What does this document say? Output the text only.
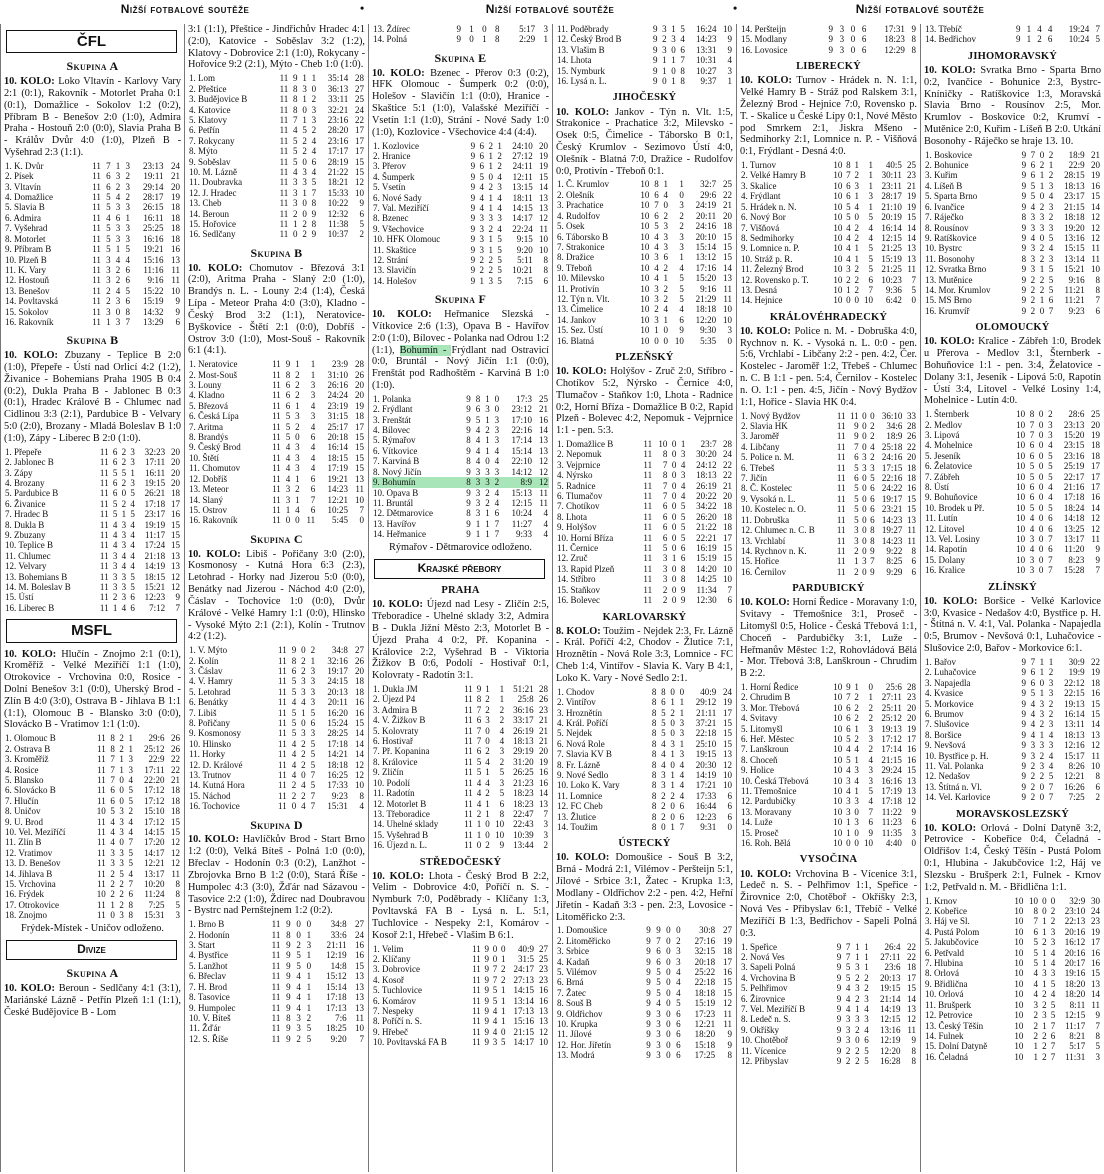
Nižší fotbalové soutěže	•	Nižší fotbalové soutěže	•	Nižší fotbalové soutěže
ČFL
Skupina A
10. KOLO: Loko Vltavín - Karlovy Vary 2:1 (0:1), Rakovník - Motorlet Praha 0:1 (0:1), Domažlice - Sokolov 1:2 (0:2), Příbram B - Benešov 2:0 (1:0), Admira Praha - Hostouň 2:0 (0:0), Slavia Praha B - Králův Dvůr 4:0 (1:0), Plzeň B - Vyšehrad 2:3 (1:1).
1. K. Dvůr	11	7	1	3	23:13	24
2. Písek	11	6	3	2	19:11	21
3. Vltavín	11	6	2	3	29:14	20
4. Domažlice	11	5	4	2	28:17	19
5. Slavia B	11	5	3	3	26:15	18
6. Admira	11	4	6	1	16:11	18
7. Vyšehrad	11	5	3	3	25:25	18
8. Motorlet	11	5	3	3	16:16	18
9. Příbram B	11	5	1	5	19:21	16
10. Plzeň B	11	3	4	4	15:16	13
11. K. Vary	11	3	2	6	11:16	11
12. Hostouň	11	3	2	6	9:16	11
13. Benešov	11	2	4	5	15:22	10
14. Povltavská	11	2	3	6	15:19	9
15. Sokolov	11	3	0	8	14:32	9
16. Rakovník	11	1	3	7	13:29	6
Skupina B
10. KOLO: Zbuzany - Teplice B 2:0 (1:0), Přepeře - Ústí nad Orlicí 4:2 (1:2), Živanice - Bohemians Praha 1905 B 0:4 (0:2), Dukla Praha B - Jablonec B 0:3 (0:1), Hradec Králové B - Chlumec nad Cidlinou 3:3 (2:1), Pardubice B - Velvary 5:0 (2:0), Brozany - Mladá Boleslav B 1:0 (1:0), Zápy - Liberec B 2:0 (1:0).
1. Přepeře	11	6	2	3	32:23	20
2. Jablonec B	11	6	2	3	17:11	20
3. Zápy	11	5	5	1	16:11	20
4. Brozany	11	6	2	3	19:15	20
5. Pardubice B	11	6	0	5	26:21	18
6. Živanice	11	5	2	4	17:18	17
7. Hradec B	11	5	1	5	23:17	16
8. Dukla B	11	4	3	4	19:19	15
9. Zbuzany	11	4	3	4	11:17	15
10. Teplice B	11	4	3	4	17:24	15
11. Chlumec	11	3	4	4	21:18	13
12. Velvary	11	3	4	4	14:19	13
13. Bohemians B	11	3	3	5	18:15	12
14. M. Boleslav B	11	3	3	5	15:21	12
15. Ústí	11	2	3	6	12:23	9
16. Liberec B	11	1	4	6	7:12	7
MSFL
10. KOLO: Hlučín - Znojmo 2:1 (0:1), Kroměříž - Velké Meziříčí 1:1 (1:0), Otrokovice - Vrchovina 0:0, Rosice - Dolní Benešov 3:1 (0:0), Uherský Brod - Zlín B 4:0 (3:0), Ostrava B - Jihlava B 1:1 (1:1), Olomouc B - Blansko 3:0 (0:0), Slovácko B - Vratimov 1:1 (1:0).
1. Olomouc B	11	8	2	1	29:6	26
2. Ostrava B	11	8	2	1	25:12	26
3. Kroměříž	11	7	1	3	22:9	22
4. Rosice	11	7	1	3	17:11	22
5. Blansko	11	7	0	4	22:20	21
6. Slovácko B	11	6	0	5	17:12	18
7. Hlučín	11	6	0	5	17:12	18
8. Uničov	10	5	3	2	15:10	18
9. U. Brod	11	4	3	4	17:12	15
10. Vel. Meziříčí	11	4	3	4	14:15	15
11. Zlín B	11	4	0	7	17:20	12
12. Vratimov	11	3	3	5	14:17	12
13. D. Benešov	11	3	3	5	12:21	12
14. Jihlava B	11	2	5	4	13:17	11
15. Vrchovina	11	2	2	7	10:20	8
16. Frýdek	10	2	2	6	11:24	8
17. Otrokovice	11	1	2	8	7:25	5
18. Znojmo	11	0	3	8	15:31	3
Frýdek-Místek - Uničov odloženo.
Divize
Skupina A
10. KOLO: Beroun - Sedlčany 4:1 (3:1), Mariánské Lázně - Petřín Plzeň 1:1 (1:1), České Budějovice B - Lom
3:1 (1:1), Přeštice - Jindřichův Hradec 4:1 (2:0), Katovice - Soběslav 3:2 (1:2), Klatovy - Dobrovice 2:1 (1:0), Rokycany - Hořovice 9:2 (2:1), Mýto - Cheb 1:0 (1:0).
1. Lom	11	9	1	1	35:14	28
2. Přeštice	11	8	3	0	36:13	27
3. Budějovice B	11	8	1	2	33:11	25
4. Katovice	11	8	0	3	32:21	24
5. Klatovy	11	7	1	3	23:16	22
6. Petřín	11	4	5	2	28:20	17
7. Rokycany	11	5	2	4	23:16	17
8. Mýto	11	5	2	4	17:17	17
9. Soběslav	11	5	0	6	28:19	15
10. M. Lázně	11	4	3	4	21:22	15
11. Doubravka	11	3	3	5	18:21	12
12. J. Hradec	11	3	1	7	15:33	10
13. Cheb	11	3	0	8	10:22	9
14. Beroun	11	2	0	9	12:32	6
15. Hořovice	11	1	2	8	11:38	5
16. Sedlčany	11	0	2	9	10:37	2
Skupina B
10. KOLO: Chomutov - Březová 3:1 (2:0), Aritma Praha - Slaný 2:0 (1:0), Brandýs n. L. - Louny 2:4 (1:4), Česká Lípa - Meteor Praha 4:0 (3:0), Kladno - Český Brod 3:2 (1:1), Neratovice-Byškovice - Štětí 2:1 (0:0), Dobříš - Ostrov 3:0 (1:0), Most-Souš - Rakovník 6:1 (4:1).
1. Neratovice	11	9	1	1	23:9	28
2. Most-Souš	11	8	2	1	31:10	26
3. Louny	11	6	2	3	26:16	20
4. Kladno	11	6	2	3	24:24	20
5. Březová	11	6	1	4	23:19	19
6. Česká Lípa	11	5	3	3	31:15	18
7. Aritma	11	5	2	4	25:17	17
8. Brandýs	11	5	0	6	20:18	15
9. Český Brod	11	4	3	4	16:14	15
10. Štětí	11	4	3	4	18:15	15
11. Chomutov	11	4	3	4	17:19	15
12. Dobříš	11	4	1	6	19:21	13
13. Meteor	11	3	2	6	14:23	11
14. Slaný	11	3	1	7	12:21	10
15. Ostrov	11	1	4	6	10:25	7
16. Rakovník	11	0	0	11	5:45	0
Skupina C
10. KOLO: Libiš - Pořičany 3:0 (2:0), Kosmonosy - Kutná Hora 6:3 (2:3), Letohrad - Horky nad Jizerou 5:0 (0:0), Benátky nad Jizerou - Náchod 4:0 (2:0), Čáslav - Tochovice 1:0 (0:0), Dvůr Králové - Velké Hamry 1:1 (0:0), Hlinsko - Vysoké Mýto 2:1 (2:1), Kolín - Trutnov 4:2 (1:2).
1. V. Mýto	11	9	0	2	34:8	27
2. Kolín	11	8	2	1	32:16	26
3. Čáslav	11	6	2	3	19:17	20
4. V. Hamry	11	5	3	3	24:15	18
5. Letohrad	11	5	3	3	20:13	18
6. Benátky	11	4	4	3	20:11	16
7. Libiš	11	5	1	5	16:20	16
8. Pořičany	11	5	0	6	15:24	15
9. Kosmonosy	11	5	3	3	28:25	14
10. Hlinsko	11	4	2	5	17:18	14
11. Horky	11	4	2	5	14:21	14
12. D. Králové	11	4	2	5	18:18	12
13. Trutnov	11	4	0	7	16:25	12
14. Kutná Hora	11	2	4	5	17:33	10
15. Náchod	11	2	2	7	9:23	8
16. Tochovice	11	0	4	7	15:31	4
Skupina D
10. KOLO: Havlíčkův Brod - Start Brno 1:2 (0:0), Velká Bíteš - Polná 1:0 (0:0), Břeclav - Hodonín 0:3 (0:2), Lanžhot - Zbrojovka Brno B 1:2 (0:0), Stará Říše - Humpolec 4:3 (3:0), Žďár nad Sázavou - Tasovice 2:2 (1:0), Ždírec nad Doubravou - Bystrc nad Pernštejnem 1:2 (0:2).
1. Brno B	11	9	0	0	34:8	27
2. Hodonín	11	8	0	1	33:6	24
3. Start	11	9	2	3	21:11	16
4. Bystřice	11	9	5	1	12:19	16
5. Lanžhot	11	9	5	0	14:8	15
6. Břeclav	11	9	4	1	15:12	13
7. H. Brod	11	9	4	1	15:14	13
8. Tasovice	11	9	4	1	17:18	13
9. Humpolec	11	9	4	1	17:13	13
10. V. Bíteš	11	8	3	2	7:6	11
11. Žďár	11	9	3	5	18:25	10
12. S. Říše	11	9	2	5	9:20	7
13. Ždírec	9	1	0	8	5:17	3
14. Polná	9	0	1	8	2:29	1
Skupina E
10. KOLO: Bzenec - Přerov 0:3 (0:2), HFK Olomouc - Šumperk 0:2 (0:0), Holešov - Slavičín 1:1 (0:0), Hranice - Skaštice 5:1 (1:0), Valašské Meziříčí - Vsetín 1:1 (1:0), Strání - Nové Sady 1:0 (1:0), Kozlovice - Všechovice 4:4 (4:4).
1. Kozlovice	9	6	2	1	24:10	20
2. Hranice	9	6	1	2	27:12	19
3. Přerov	9	6	1	2	24:11	19
4. Šumperk	9	5	0	4	12:11	15
5. Vsetín	9	4	2	3	13:15	14
6. Nové Sady	9	4	1	4	18:11	13
7. Val. Meziříčí	9	4	1	4	14:15	13
8. Bzenec	9	3	3	3	14:17	12
9. Všechovice	9	3	2	4	22:24	11
10. HFK Olomouc	9	3	1	5	9:15	10
11. Skaštice	9	3	1	5	9:20	10
12. Strání	9	2	2	5	5:11	8
13. Slavičín	9	2	2	5	10:21	8
14. Holešov	9	1	3	5	7:15	6
Skupina F
10. KOLO: Heřmanice Slezská - Vítkovice 2:6 (1:3), Opava B - Havířov 2:0 (1:0), Bílovec - Polanka nad Odrou 1:2 (1:1), Bohumín - Frýdlant nad Ostravicí 0:0, Bruntál - Nový Jičín 1:1 (0:0), Frenštát pod Radhoštěm - Karviná B 1:0 (1:0).
1. Polanka	9	8	1	0	17:3	25
2. Frýdlant	9	6	3	0	23:12	21
3. Frenštát	9	5	1	3	17:10	16
4. Bílovec	9	4	2	3	22:16	14
5. Rýmařov	8	4	1	3	17:14	13
6. Vítkovice	9	4	1	4	15:14	13
7. Karviná B	8	4	0	4	22:10	12
8. Nový Jičín	9	3	3	3	14:12	12
9. Bohumín	8	3	3	2	8:9	12
10. Opava B	9	3	2	4	15:13	11
11. Bruntál	9	3	2	4	12:15	11
12. Dětmarovice	8	3	1	6	10:24	4
13. Havířov	9	1	1	7	11:27	4
14. Heřmanice	9	1	1	7	9:33	4
Rýmařov - Dětmarovice odloženo.
Krajské přebory
PRAHA
10. KOLO: Újezd nad Lesy - Zličín 2:5, Třeboradice - Uhelné sklady 3:2, Admira B - Dukla Jižní Město 2:3, Motorlet B - Újezd Praha 4 0:2, Př. Kopanina - Královice 2:2, Vyšehrad B - Viktoria Žižkov B 0:6, Podolí - Hostivař 0:1, Kolovraty - Radotín 3:1.
1. Dukla JM	11	9	1	1	51:21	28
2. Újezd P4	11	8	2	1	25:8	26
3. Admira B	11	7	2	2	36:16	23
4. V. Žižkov B	11	6	3	2	33:17	21
5. Kolovraty	11	7	0	4	26:19	21
6. Hostivař	11	7	0	4	18:13	21
7. Př. Kopanina	11	6	2	3	29:19	20
8. Královice	11	5	4	2	31:20	19
9. Zličín	11	5	1	5	26:25	16
10. Podolí	11	4	4	3	21:23	16
11. Radotín	11	4	2	5	18:23	14
12. Motorlet B	11	4	1	6	18:23	13
13. Třeboradice	11	2	1	8	22:47	7
14. Uhelné sklady	11	1	0	10	22:43	3
15. Vyšehrad B	11	1	0	10	10:39	3
16. Újezd n. L.	11	0	2	9	13:44	2
STŘEDOČESKÝ
10. KOLO: Lhota - Český Brod B 2:2, Velim - Dobrovice 4:0, Poříčí n. S. - Nymburk 7:0, Poděbrady - Klíčany 1:3, Povltavská FA B - Lysá n. L. 5:1, Tuchlovice - Nespeky 2:1, Komárov - Kosoř 2:1, Hřebeč - Vlašim B 6:1.
1. Velim	11	9	0	0	40:9	27
2. Klíčany	11	9	0	1	31:5	25
3. Dobrovice	11	9	7	2	24:17	23
4. Kosoř	11	9	7	2	27:13	23
5. Tuchlovice	11	9	5	1	14:15	16
6. Komárov	11	9	5	1	13:14	16
7. Nespeky	11	9	4	1	17:13	13
8. Poříčí n. S.	11	9	4	1	15:16	13
9. Hřebeč	11	9	4	0	21:15	12
10. Povltavská FA B	11	9	3	5	14:17	10
11. Poděbrady	9	3	1	5	16:24	10
12. Český Brod B	9	2	3	4	14:23	9
13. Vlašim B	9	3	0	6	13:31	9
14. Lhota	9	1	1	7	10:31	4
15. Nymburk	9	1	0	8	10:27	3
16. Lysá n. L.	9	0	1	8	9:37	1
JIHOČESKÝ
10. KOLO: Jankov - Týn n. Vlt. 1:5, Strakonice - Prachatice 3:2, Milevsko - Osek 0:5, Čimelice - Táborsko B 0:1, Český Krumlov - Sezimovo Ústí 4:0, Olešník - Blatná 7:0, Dražice - Rudolfov 0:0, Protivín - Třeboň 0:1.
1. Č. Krumlov	10	8	1	1	32:7	25
2. Olešník	10	6	4	0	29:6	22
3. Prachatice	10	7	0	3	24:19	21
4. Rudolfov	10	6	2	2	20:11	20
5. Osek	10	5	3	2	24:16	18
6. Táborsko B	10	4	3	3	20:10	15
7. Strakonice	10	4	3	3	15:14	15
8. Dražice	10	3	6	1	13:12	15
9. Třeboň	10	4	2	4	17:16	14
10. Milevsko	10	4	1	5	15:20	13
11. Protivín	10	3	2	5	9:16	11
12. Týn n. Vlt.	10	3	2	5	21:29	11
13. Čimelice	10	2	4	4	18:18	10
14. Jankov	10	3	1	6	12:20	10
15. Sez. Ústí	10	1	0	9	9:30	3
16. Blatná	10	0	0	10	5:35	0
PLZEŇSKÝ
10. KOLO: Holýšov - Zruč 2:0, Stříbro - Chotíkov 5:2, Nýrsko - Černice 4:0, Tlumačov - Staňkov 1:0, Lhota - Radnice 0:2, Horní Bříza - Domažlice B 0:2, Rapid Plzeň - Bolevec 4:2, Nepomuk - Vejprnice 1:1 - pen. 5:3.
1. Domažlice B	11	10	0	1	23:7	28
2. Nepomuk	11	8	0	3	30:20	24
3. Vejprnice	11	7	0	4	24:12	22
4. Nýrsko	11	8	0	3	18:13	22
5. Radnice	11	7	0	4	26:19	21
6. Tlumačov	11	7	0	4	20:22	20
7. Chotíkov	11	6	0	5	34:22	18
8. Lhota	11	6	0	5	26:20	18
9. Holýšov	11	6	0	5	21:22	18
10. Horní Bříza	11	6	0	5	22:21	17
11. Černice	11	5	0	6	16:19	15
12. Zruč	11	3	1	6	15:19	15
13. Rapid Plzeň	11	3	0	8	14:20	10
14. Stříbro	11	3	0	8	14:25	10
15. Staňkov	11	2	0	9	11:34	7
16. Bolevec	11	2	0	9	12:30	6
KARLOVARSKÝ
8. KOLO: Toužim - Nejdek 2:3, Fr. Lázně - Král. Poříčí 4:2, Chodov - Žlutice 7:1, Hroznětín - Nová Role 3:3, Lomnice - FC Cheb 1:4, Vintířov - Slavia K. Vary B 4:1, Loko K. Vary - Nové Sedlo 2:1.
1. Chodov	8	8	0	0	40:9	24
2. Vintířov	8	6	1	1	29:12	19
3. Hroznětín	8	5	2	1	21:11	17
4. Král. Poříčí	8	5	0	3	37:21	15
5. Nejdek	8	5	0	3	22:18	15
6. Nová Role	8	4	3	1	25:10	15
7. Slavia KV B	8	4	1	3	19:15	13
8. Fr. Lázně	8	4	0	4	20:30	12
9. Nové Sedlo	8	3	1	4	14:19	10
10. Loko K. Vary	8	3	1	4	17:21	10
11. Lomnice	8	2	2	4	17:33	6
12. FC Cheb	8	2	0	6	16:44	6
13. Žlutice	8	2	0	6	12:23	6
14. Toužim	8	0	1	7	9:31	0
ÚSTECKÝ
10. KOLO: Domoušice - Souš B 3:2, Brná - Modrá 2:1, Vilémov - Peršteijn 5:1, Jílové - Srbice 3:1, Žatec - Krupka 1:3, Modlany - Oldřichov 2:2 - pen. 4:2, Heřní Jiřetín - Kadaň 3:3 - pen. 2:3, Lovosice - Litoměřicko 2:3.
1. Domoušice	9	9	0	0	30:8	27
2. Litoměřicko	9	7	0	2	27:16	19
3. Srbice	9	6	0	3	32:15	18
4. Kadaň	9	6	0	3	20:18	17
5. Vilémov	9	5	0	4	25:22	16
6. Brná	9	5	0	4	22:18	15
7. Žatec	9	5	0	4	18:18	15
8. Souš B	9	4	0	5	15:19	12
9. Oldřichov	9	3	0	6	17:23	11
10. Krupka	9	3	0	6	12:21	11
11. Jílové	9	3	0	6	18:20	9
12. Hor. Jiřetín	9	3	0	6	15:18	9
13. Modrá	9	3	0	6	17:25	8
14. Peršteijn	9	3	0	6	17:31	9
15. Modlany	9	3	0	6	18:23	8
16. Lovosice	9	3	0	6	12:29	8
LIBERECKÝ
10. KOLO: Turnov - Hrádek n. N. 1:1, Velké Hamry B - Stráž pod Ralskem 3:1, Železný Brod - Hejnice 7:0, Rovensko p. T. - Skalice u České Lípy 0:1, Nové Město pod Smrkem 2:1, Jiskra Mšeno - Sedmihorky 2:1, Lomnice n. P. - Višňová 0:1, Frýdlant - Desná 4:0.
1. Turnov	10	8	1	1	40:5	25
2. Velké Hamry B	10	7	2	1	30:11	23
3. Skalice	10	6	3	1	23:11	21
4. Frýdlant	10	6	1	3	28:17	19
5. Hrádek n. N.	10	5	4	1	21:10	19
6. Nový Bor	10	5	0	5	20:19	15
7. Višňová	10	4	2	4	16:14	14
8. Sedmihorky	10	4	2	4	12:15	14
9. Lomnice n. P.	10	4	1	5	21:25	13
10. Stráž p. R.	10	4	1	5	15:19	13
11. Železný Brod	10	3	2	5	21:25	11
12. Rovensko p. T.	10	2	2	6	10:23	7
13. Desná	10	1	2	7	9:36	5
14. Hejnice	10	0	0	10	6:42	0
KRÁLOVÉHRADECKÝ
10. KOLO: Police n. M. - Dobruška 4:0, Rychnov n. K. - Vysoká n. L. 0:0 - pen. 5:6, Vrchlabí - Libčany 2:2 - pen. 4:2, Čer. Kostelec - Jaroměř 1:2, Třebeš - Chlumec n. C. B 1:1 - pen. 5:4, Černilov - Kostelec n. O. 1:1 - pen. 4:5, Jičín - Nový Bydžov 1:1, Hořice - Slavia HK 0:4.
1. Nový Bydžov	11	11	0	0	36:10	33
2. Slavia HK	11	9	0	2	34:6	28
3. Jaroměř	11	9	0	2	18:9	26
4. Libčany	11	7	0	4	25:18	22
5. Police n. M.	11	6	3	2	24:16	20
6. Třebeš	11	5	3	3	17:15	18
7. Jičín	11	6	0	5	22:16	18
8. Č. Kostelec	11	5	0	6	24:22	16
9. Vysoká n. L.	11	5	0	6	19:17	15
10. Kostelec n. O.	11	5	0	6	23:21	15
11. Dobruška	11	5	0	6	14:23	13
12. Chlumec n. C. B	11	3	0	8	19:27	11
13. Vrchlabí	11	3	0	8	14:23	11
14. Rychnov n. K.	11	2	0	9	9:22	8
15. Hořice	11	1	3	7	8:25	6
16. Černilov	11	2	0	9	9:29	6
PARDUBICKÝ
10. KOLO: Horní Ředice - Moravany 1:0, Svitavy - Třemošnice 3:1, Proseč - Litomyšl 0:5, Holice - Česká Třebová 1:1, Choceň - Pardubičky 3:1, Luže - Heřmanův Městec 1:2, Rohovládová Bělá - Mor. Třebová 3:8, Lanškroun - Chrudim B 2:2.
1. Horní Ředice	10	9	1	0	25:6	28
2. Chrudim B	10	7	2	1	27:11	23
3. Mor. Třebová	10	6	2	2	25:11	20
4. Svitavy	10	6	2	2	25:12	20
5. Litomyšl	10	6	1	3	19:13	19
6. Heř. Městec	10	5	2	3	17:12	17
7. Lanškroun	10	4	4	2	17:14	16
8. Choceň	10	5	1	4	21:15	16
9. Holice	10	4	3	3	29:24	15
10. Česká Třebová	10	3	4	3	16:16	13
11. Třemošnice	10	4	1	5	17:19	13
12. Pardubičky	10	3	3	4	17:18	12
13. Moravany	10	3	0	7	11:22	9
14. Luže	10	1	3	6	11:23	6
15. Proseč	10	1	0	9	11:35	3
16. Roh. Bělá	10	0	0	10	4:40	0
VYSOČINA
10. KOLO: Vrchovina B - Vícenice 3:1, Ledeč n. S. - Pelhřimov 1:1, Speřice - Žirovnice 2:0, Chotěboř - Okříšky 2:3, Nová Ves - Přibyslav 6:1, Třebíč - Velké Meziříčí B 1:3, Bedřichov - Sapeli Polná 0:3.
1. Speřice	9	7	1	1	26:4	22
2. Nová Ves	9	7	1	1	27:11	22
3. Sapeli Polná	9	5	3	1	23:6	18
4. Vrchovina B	9	5	2	2	20:13	17
5. Pelhřimov	9	4	3	2	19:15	15
6. Žirovnice	9	4	2	3	21:14	14
7. Vel. Meziříčí B	9	4	1	4	14:19	13
8. Ledeč n. S.	9	3	3	3	12:15	12
9. Okříšky	9	3	2	4	13:16	11
10. Chotěboř	9	3	0	6	12:19	9
11. Vícenice	9	2	2	5	12:20	8
12. Přibyslav	9	2	2	5	16:28	8
13. Třebíč	9	1	4	4	19:24	7
14. Bedřichov	9	1	2	6	10:24	5
JIHOMORAVSKÝ
10. KOLO: Svratka Brno - Sparta Brno 0:2, Ivančice - Bohunice 2:3, Bystrc-Kníničky - Ratíškovice 1:3, Moravská Slavia Brno - Rousínov 2:5, Mor. Krumlov - Boskovice 0:2, Krumví - Mutěnice 2:0, Kuřim - Líšeň B 2:0. Utkání Bosonohy - Ráječko se hraje 13. 10.
1. Boskovice	9	7	0	2	18:9	21
2. Bohunice	9	6	2	1	22:9	20
3. Kuřim	9	6	1	2	28:15	19
4. Líšeň B	9	5	1	3	18:13	16
5. Sparta Brno	9	5	0	4	23:17	15
6. Ivančice	9	4	2	3	21:15	14
7. Ráječko	8	3	3	2	18:18	12
8. Rousínov	9	3	3	3	19:20	12
9. Ratíškovice	9	4	0	5	13:16	12
10. Bystrc	9	3	2	4	15:15	11
11. Bosonohy	8	3	2	3	13:14	11
12. Svratka Brno	9	3	1	5	15:21	10
13. Mutěnice	9	2	2	5	9:16	8
14. Mor. Krumlov	9	2	2	5	11:21	8
15. MS Brno	9	2	1	6	11:21	7
16. Krumvíř	9	2	0	7	9:23	6
OLOMOUCKÝ
10. KOLO: Kralice - Zábřeh 1:0, Brodek u Přerova - Medlov 3:1, Šternberk - Bohuňovice 1:1 - pen. 3:4, Želatovice - Dolany 3:1, Jeseník - Lipová 5:0, Rapotín - Ústí 3:4, Litovel - Velké Losiny 1:4, Mohelnice - Lutín 4:0.
1. Šternberk	10	8	0	2	28:6	25
2. Medlov	10	7	0	3	23:13	20
3. Lipová	10	7	0	3	15:20	19
4. Mohelnice	10	6	0	4	23:15	18
5. Jeseník	10	6	0	5	23:16	18
6. Želatovice	10	5	0	5	25:19	17
7. Zábřeh	10	5	0	5	22:17	17
8. Ústí	10	6	0	4	21:16	17
9. Bohuňovice	10	6	0	4	17:18	16
10. Brodek u Př.	10	5	0	5	18:24	14
11. Lutín	10	4	0	6	14:18	12
12. Litovel	10	4	0	6	13:25	12
13. Vel. Losiny	10	3	0	7	13:17	11
14. Rapotín	10	4	0	6	11:20	9
15. Dolany	10	3	0	7	8:23	9
16. Kralice	10	3	0	7	15:28	7
ZLÍNSKÝ
10. KOLO: Boršice - Velké Karlovice 3:0, Kvasice - Nedašov 4:0, Bystřice p. H. - Štítná n. V. 4:1, Val. Polanka - Napajedla 0:5, Brumov - Nevšová 0:1, Luhačovice - Slušovice 2:0, Bařov - Morkovice 6:1.
1. Bařov	9	7	1	1	30:9	22
2. Luhačovice	9	6	1	2	19:9	19
3. Napajedla	9	6	0	3	22:12	18
4. Kvasice	9	5	1	3	22:15	16
5. Morkovice	9	4	3	2	19:13	15
6. Brumov	9	4	3	2	16:14	15
7. Slušovice	9	4	2	3	13:11	14
8. Boršice	9	4	1	4	18:13	13
9. Nevšová	9	3	3	3	12:16	12
10. Bystřice p. H.	9	3	2	4	15:17	11
11. Val. Polanka	9	2	3	4	8:26	10
12. Nedašov	9	2	2	5	12:21	8
13. Štítná n. Vl.	9	2	0	7	16:26	6
14. Vel. Karlovice	9	2	0	7	7:25	2
MORAVSKOSLEZSKÝ
10. KOLO: Orlová - Dolní Datyně 3:2, Petrovice - Kobeřice 0:4, Čeladná - Oldřišov 1:4, Český Těšín - Pustá Polom 0:1, Hlubina - Jakubčovice 1:2, Háj ve Slezsku - Brušperk 2:1, Fulnek - Krnov 1:2, Petřvald n. M. - Břidlična 1:1.
1. Krnov	10	10	0	0	32:9	30
2. Kobeřice	10	8	0	2	23:10	24
3. Háj ve Sl.	10	7	1	2	22:13	23
4. Pustá Polom	10	6	1	3	20:16	19
5. Jakubčovice	10	5	2	3	16:12	17
6. Petřvald	10	5	1	4	20:16	16
7. Hlubina	10	5	1	4	20:17	16
8. Orlová	10	4	3	3	19:16	15
9. Břidlična	10	4	1	5	18:20	13
10. Orlová	10	4	2	4	18:20	14
11. Brušperk	10	3	2	5	8:11	11
12. Petrovice	10	2	3	5	12:15	9
13. Český Těšín	10	2	1	7	11:17	7
14. Fulnek	10	2	2	6	8:21	8
15. Dolní Datyně	10	1	2	7	5:17	5
16. Čeladná	10	1	2	7	11:31	3
